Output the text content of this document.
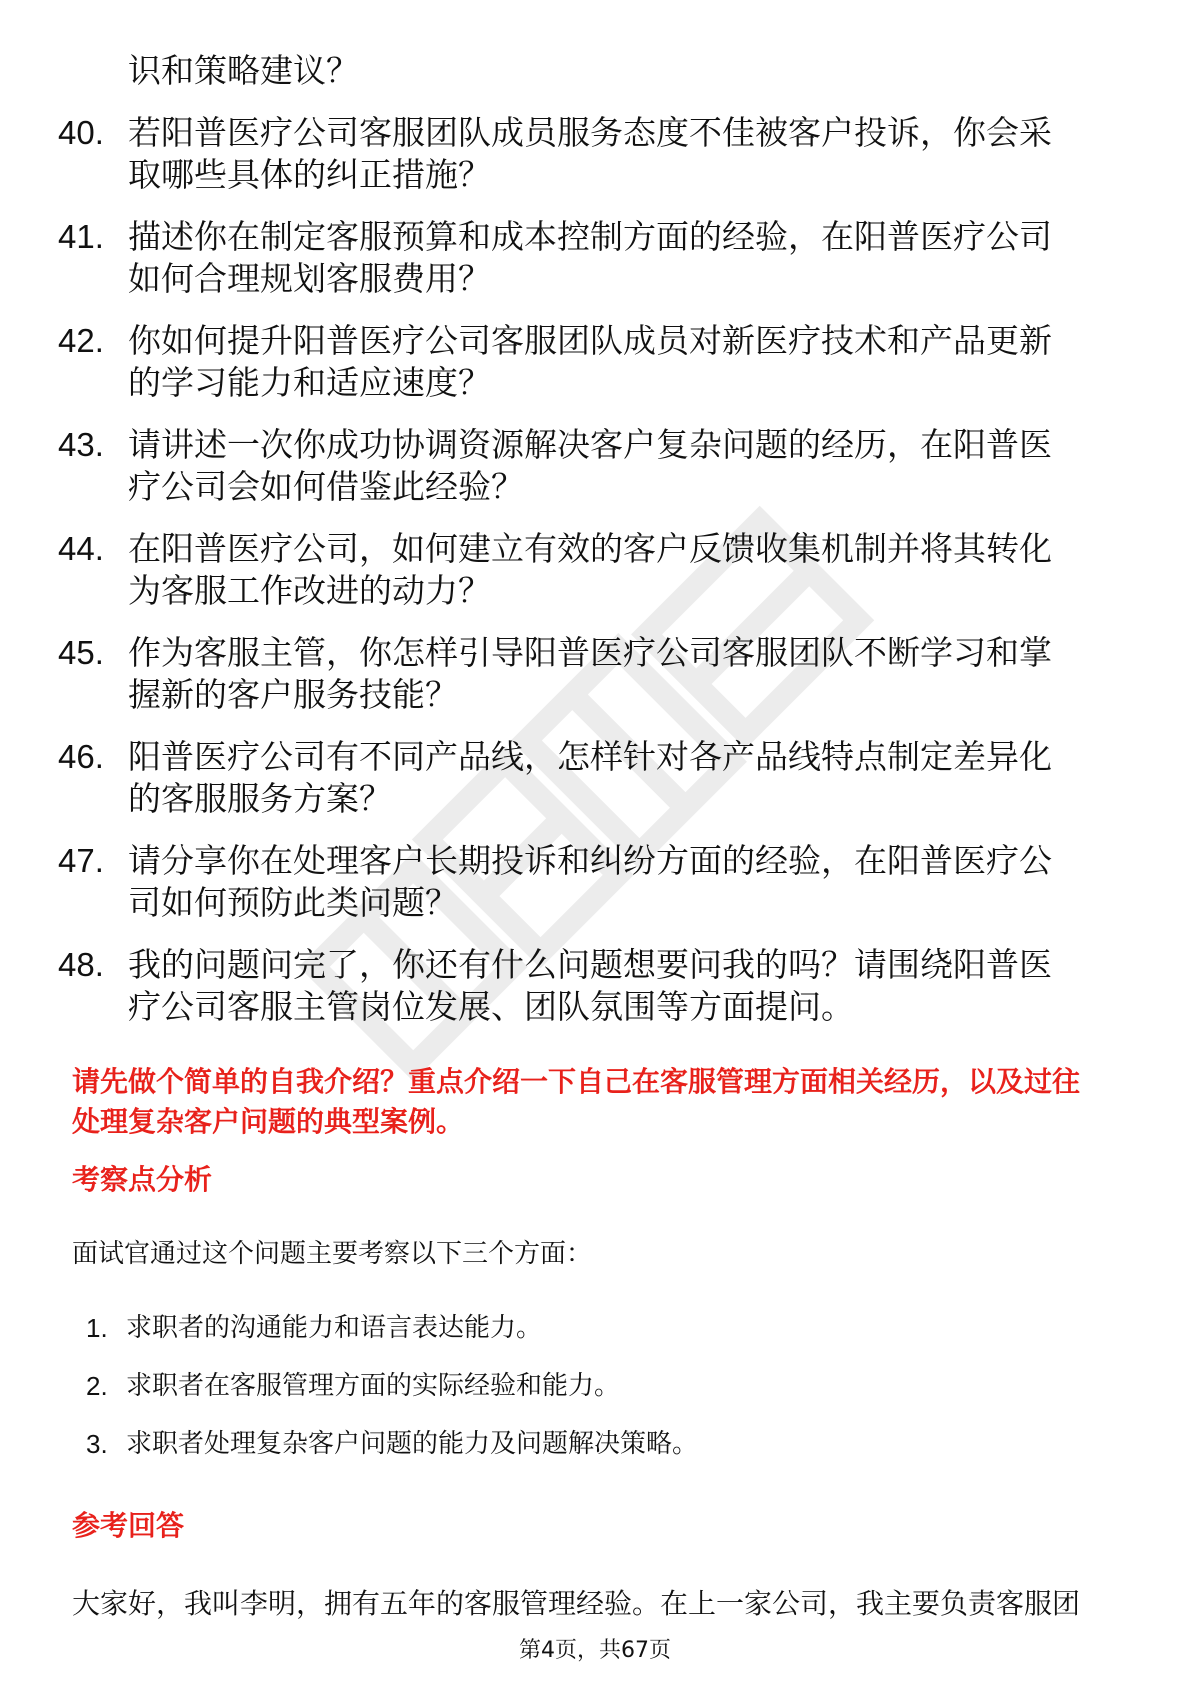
识和策略建议？

40. 若阳普医疗公司客服团队成员服务态度不佳被客户投诉，你会采
取哪些具体的纠正措施？
41. 描述你在制定客服预算和成本控制方面的经验，在阳普医疗公司
如何合理规划客服费用？
42. 你如何提升阳普医疗公司客服团队成员对新医疗技术和产品更新
的学习能力和适应速度？
43. 请讲述一次你成功协调资源解决客户复杂问题的经历，在阳普医
疗公司会如何借鉴此经验？
44. 在阳普医疗公司，如何建立有效的客户反馈收集机制并将其转化
为客服工作改进的动力？
45. 作为客服主管，你怎样引导阳普医疗公司客服团队不断学习和掌
握新的客户服务技能？
46. 阳普医疗公司有不同产品线，怎样针对各产品线特点制定差异化
的客服服务方案？
47. 请分享你在处理客户长期投诉和纠纷方面的经验，在阳普医疗公
司如何预防此类问题？
48. 我的问题问完了，你还有什么问题想要问我的吗？请围绕阳普医
疗公司客服主管岗位发展、团队氛围等方面提问。
请先做个简单的自我介绍？重点介绍一下自己在客服管理方面相关经历，以及过往
处理复杂客户问题的典型案例。
考察点分析

面试官通过这个问题主要考察以下三个方面：

1. 求职者的沟通能力和语言表达能力。
2. 求职者在客服管理方面的实际经验和能力。
3. 求职者处理复杂客户问题的能力及问题解决策略。
参考回答

大家好，我叫李明，拥有五年的客服管理经验。在上一家公司，我主要负责客服团

第4页，共67页
